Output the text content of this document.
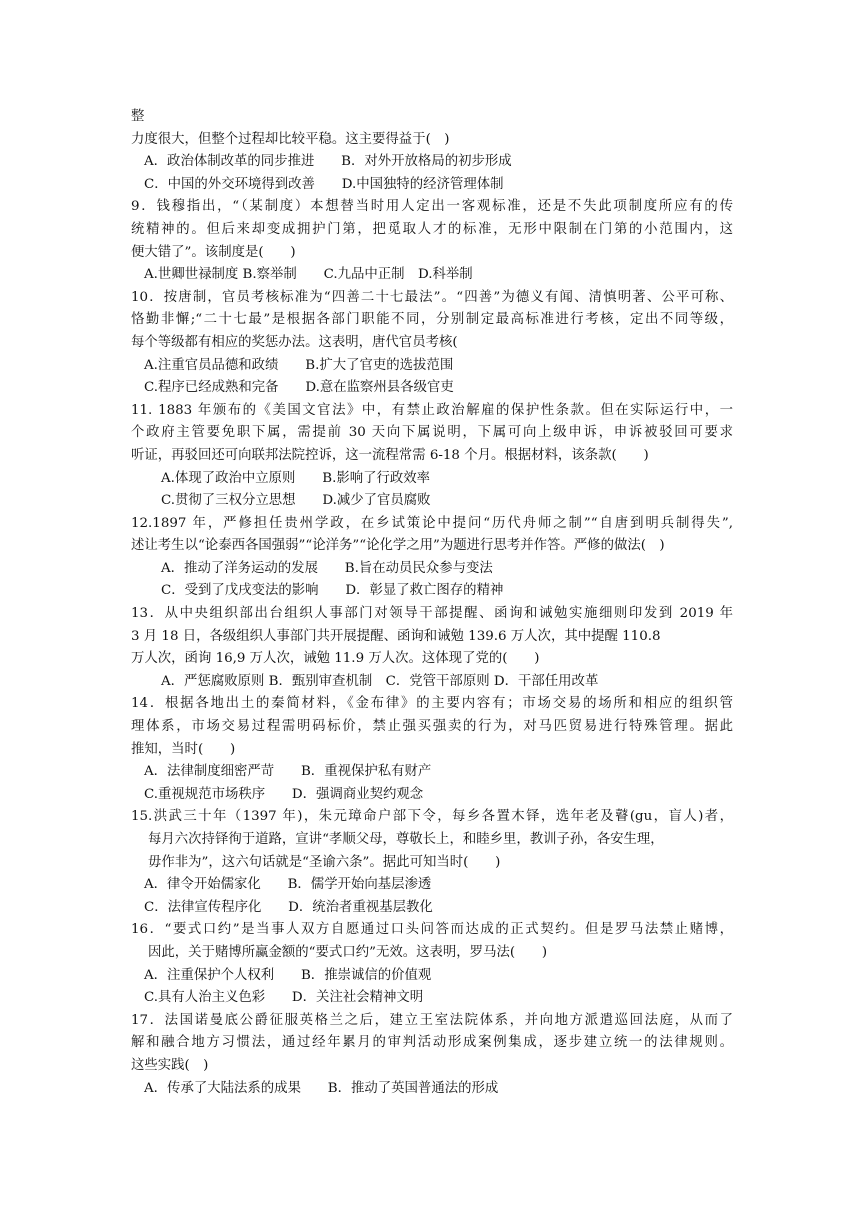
整
力度很大，但整个过程却比较平稳。这主要得益于(　)
A．政治体制改革的同步推进　　B．对外开放格局的初步形成
C．中国的外交环境得到改善　　D.中国独特的经济管理体制
9．钱穆指出，“（某制度）本想替当时用人定出一客观标准，还是不失此项制度所应有的传
统精神的。但后来却变成拥护门第，把觅取人才的标准，无形中限制在门第的小范围内，这
便大错了”。该制度是(　　)
A.世卿世禄制度 B.察举制　　C.九品中正制　D.科举制
10．按唐制，官员考核标准为“四善二十七最法”。“四善”为德义有闻、清慎明著、公平可称、
恪勤非懈;“二十七最”是根据各部门职能不同，分别制定最高标准进行考核，定出不同等级，
每个等级都有相应的奖惩办法。这表明，唐代官员考核(
A.注重官员品德和政绩　　B.扩大了官吏的选拔范围
C.程序已经成熟和完备　　D.意在监察州县各级官吏
11. 1883 年颁布的《美国文官法》中，有禁止政治解雇的保护性条款。但在实际运行中，一
个政府主管要免职下属，需提前 30 天向下属说明，下属可向上级申诉，申诉被驳回可要求
听证，再驳回还可向联邦法院控诉，这一流程常需 6-18 个月。根据材料，该条款(　　)
A.体现了政治中立原则　　B.影响了行政效率
C.贯彻了三权分立思想　　D.减少了官员腐败
12.1897 年，严修担任贵州学政，在乡试策论中提问“历代舟师之制”“自唐到明兵制得失”,
述让考生以“论泰西各国强弱”“论洋务”“论化学之用”为题进行思考并作答。严修的做法(　)
A．推动了洋务运动的发展　　B.旨在动员民众参与变法
C．受到了戊戌变法的影响　　D．彰显了救亡图存的精神
13．从中央组织部出台组织人事部门对领导干部提醒、函询和诫勉实施细则印发到 2019 年
3 月 18 日，各级组织人事部门共开展提醒、函询和诫勉 139.6 万人次，其中提醒 110.8
万人次，函询 16,9 万人次，诫勉 11.9 万人次。这体现了党的(　　)
A．严惩腐败原则 B．甄别审查机制　C．党管干部原则 D．干部任用改革
14．根据各地出土的秦简材料，《金布律》的主要内容有；市场交易的场所和相应的组织管
理体系，市场交易过程需明码标价，禁止强买强卖的行为，对马匹贸易进行特殊管理。据此
推知，当时(　　)
A．法律制度细密严苛　　B．重视保护私有财产
C.重视规范市场秩序　　D．强调商业契约观念
15.洪武三十年（1397 年)，朱元璋命户部下令，每乡各置木铎，选年老及瞽(gu，盲人)者，
每月六次持铎徇于道路，宣讲“孝顺父母，尊敬长上，和睦乡里，教训子孙，各安生理，
毋作非为”，这六句话就是“圣谕六条”。据此可知当时(　　)
A．律令开始儒家化　　B．儒学开始向基层渗透
C．法律宣传程序化　　D．统治者重视基层教化
16．“要式口约”是当事人双方自愿通过口头问答而达成的正式契约。但是罗马法禁止赌博，
因此，关于赌博所赢金额的“要式口约”无效。这表明，罗马法(　　)
A．注重保护个人权利　　B．推崇诚信的价值观
C.具有人治主义色彩　　D．关注社会精神文明
17．法国诺曼底公爵征服英格兰之后，建立王室法院体系，并向地方派遣巡回法庭，从而了
解和融合地方习惯法，通过经年累月的审判活动形成案例集成，逐步建立统一的法律规则。
这些实践(　)
A．传承了大陆法系的成果　　B．推动了英国普通法的形成
